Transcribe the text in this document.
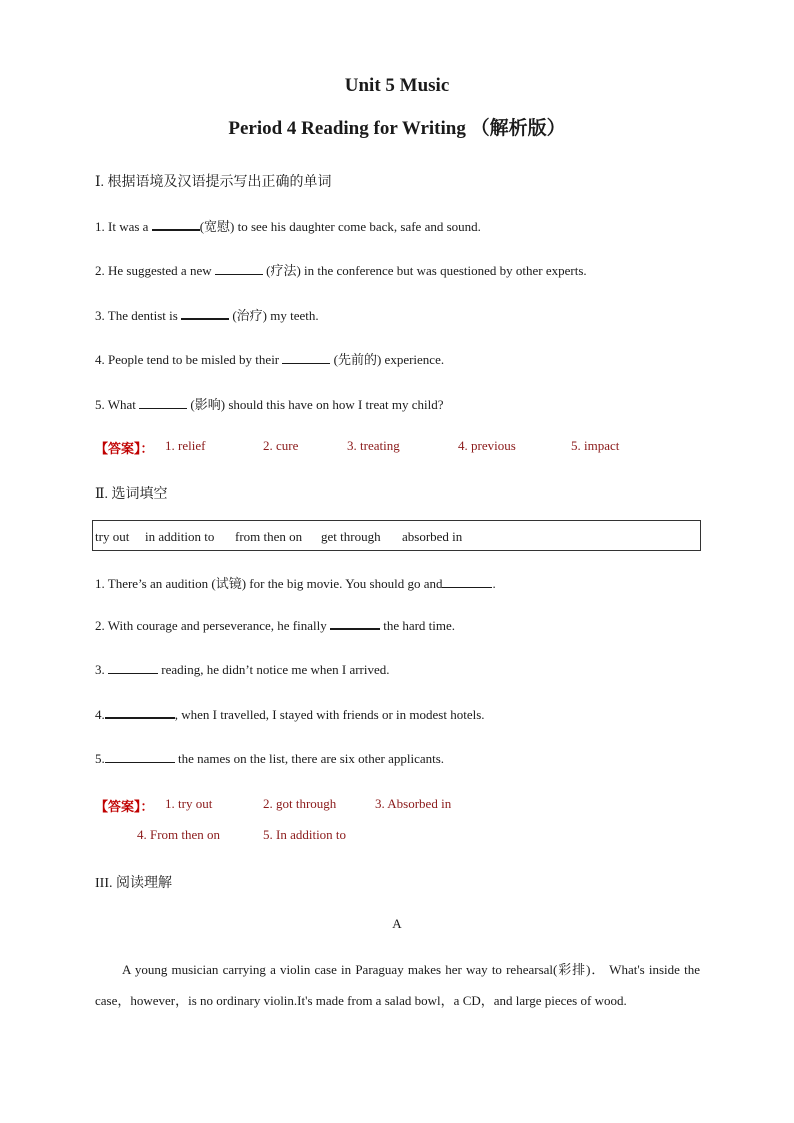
Unit 5 Music
Period 4 Reading for Writing （解析版）
Ⅰ. 根据语境及汉语提示写出正确的单词
1. It was a	(宽慰) to see his daughter come back, safe and sound.
2. He suggested a new	(疗法) in the conference but was questioned by other experts.
3. The dentist is	(治疗) my teeth.
4. People tend to be misled by their	(先前的) experience.
5. What	(影响) should this have on how I treat my child?
【答案】： 1. relief	2. cure	3. treating	4. previous	5. impact
Ⅱ. 选词填空
try out in addition to from then on get through absorbed in
1. There’s an audition (试镜) for the big movie. You should go and	.
2. With courage and perseverance, he finally	the hard time.
3.	reading, he didn’t notice me when I arrived.
4.	, when I travelled, I stayed with friends or in modest hotels.
5.	the names on the list, there are six other applicants.
【答案】： 1. try out	2. got through	3. Absorbed in
4. From then on	5. In addition to
III. 阅读理解
A
A young musician carrying a violin case in Paraguay makes her way to rehearsal(彩排)． What's inside the case，however，is no ordinary violin.It's made from a salad bowl，a CD，and large pieces of wood.
